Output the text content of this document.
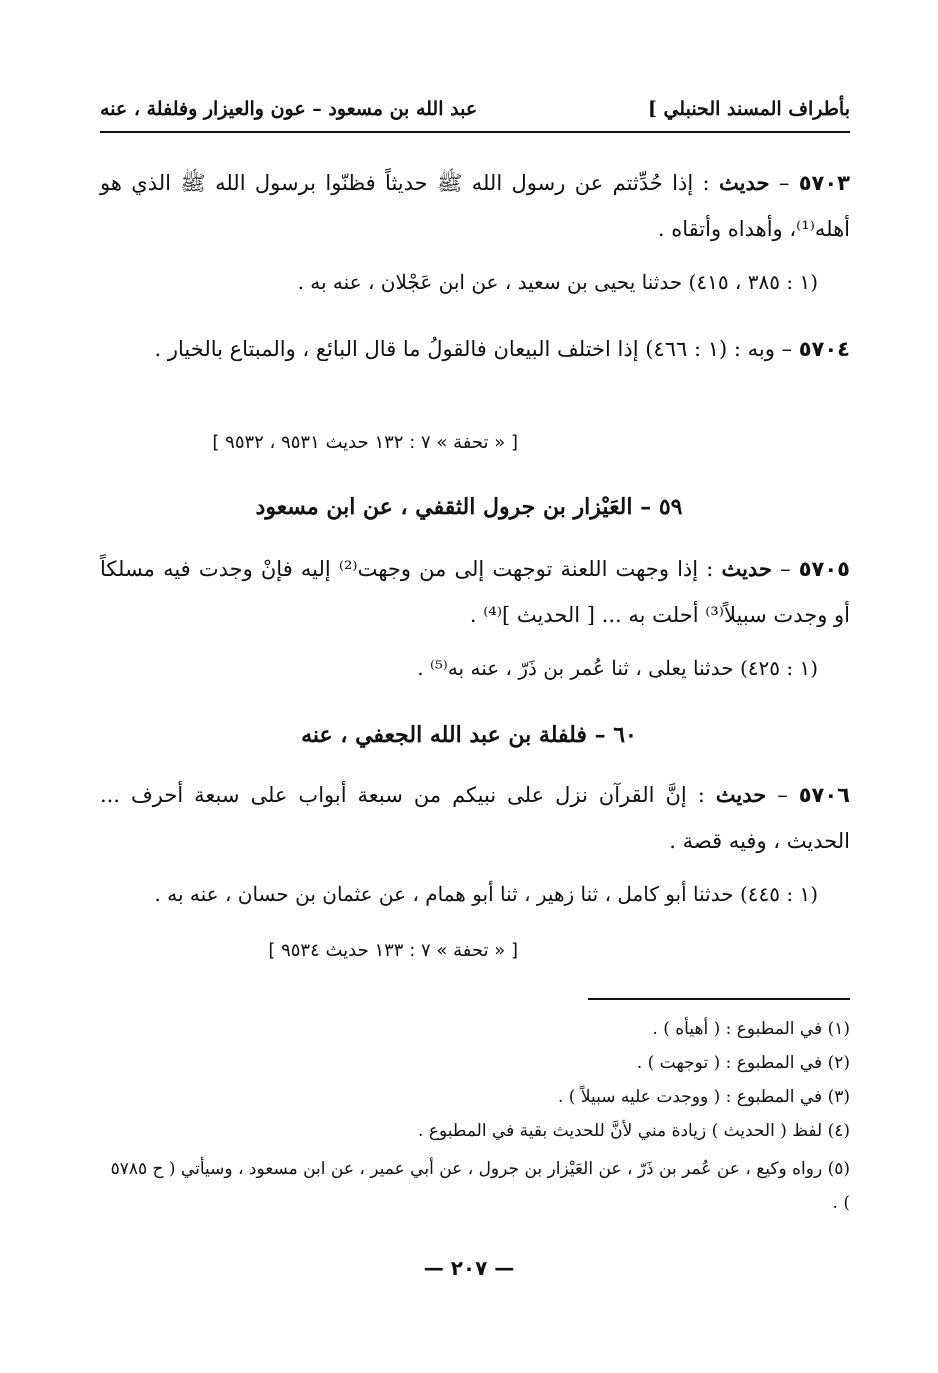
بأطراف المسند الحنبلي ]
عبد الله بن مسعود – عون والعيزار وفلفلة ، عنه
٥٧٠٣ – حديث : إذا حُدِّثتم عن رسول الله ﷺ حديثاً فظنّوا برسول الله ﷺ الذي هو أهله⁽¹⁾، وأهداه وأتقاه .
(١ : ٣٨٥ ، ٤١٥) حدثنا يحيى بن سعيد ، عن ابن عَجْلان ، عنه به .
٥٧٠٤ – وبه : (١ : ٤٦٦) إذا اختلف البيعان فالقولُ ما قال البائع ، والمبتاع بالخيار .
[ « تحفة » ٧ : ١٣٢ حديث ٩٥٣١ ، ٩٥٣٢ ]
٥٩ – العَيْزار بن جرول الثقفي ، عن ابن مسعود
٥٧٠٥ – حديث : إذا وجهت اللعنة توجهت إلى من وجهت⁽²⁾ إليه فإنْ وجدت فيه مسلكاً أو وجدت سبيلاً⁽³⁾ أحلت به ... [ الحديث ]⁽⁴⁾ .
(١ : ٤٢٥) حدثنا يعلى ، ثنا عُمر بن ذَرّ ، عنه به⁽⁵⁾ .
٦٠ – فلفلة بن عبد الله الجعفي ، عنه
٥٧٠٦ – حديث : إنَّ القرآن نزل على نبيكم من سبعة أبواب على سبعة أحرف ... الحديث ، وفيه قصة .
(١ : ٤٤٥) حدثنا أبو كامل ، ثنا زهير ، ثنا أبو همام ، عن عثمان بن حسان ، عنه به .
[ « تحفة » ٧ : ١٣٣ حديث ٩٥٣٤ ]
(١) في المطبوع : ( أهيأه ) .
(٢) في المطبوع : ( توجهت ) .
(٣) في المطبوع : ( ووجدت عليه سبيلاً ) .
(٤) لفظ ( الحديث ) زيادة مني لأنَّ للحديث بقية في المطبوع .
(٥) رواه وكيع ، عن عُمر بن ذَرّ ، عن العَيْزار بن جرول ، عن أبي عمير ، عن ابن مسعود ، وسيأتي ( ح ٥٧٨٥ ) .
— ٢٠٧ —
